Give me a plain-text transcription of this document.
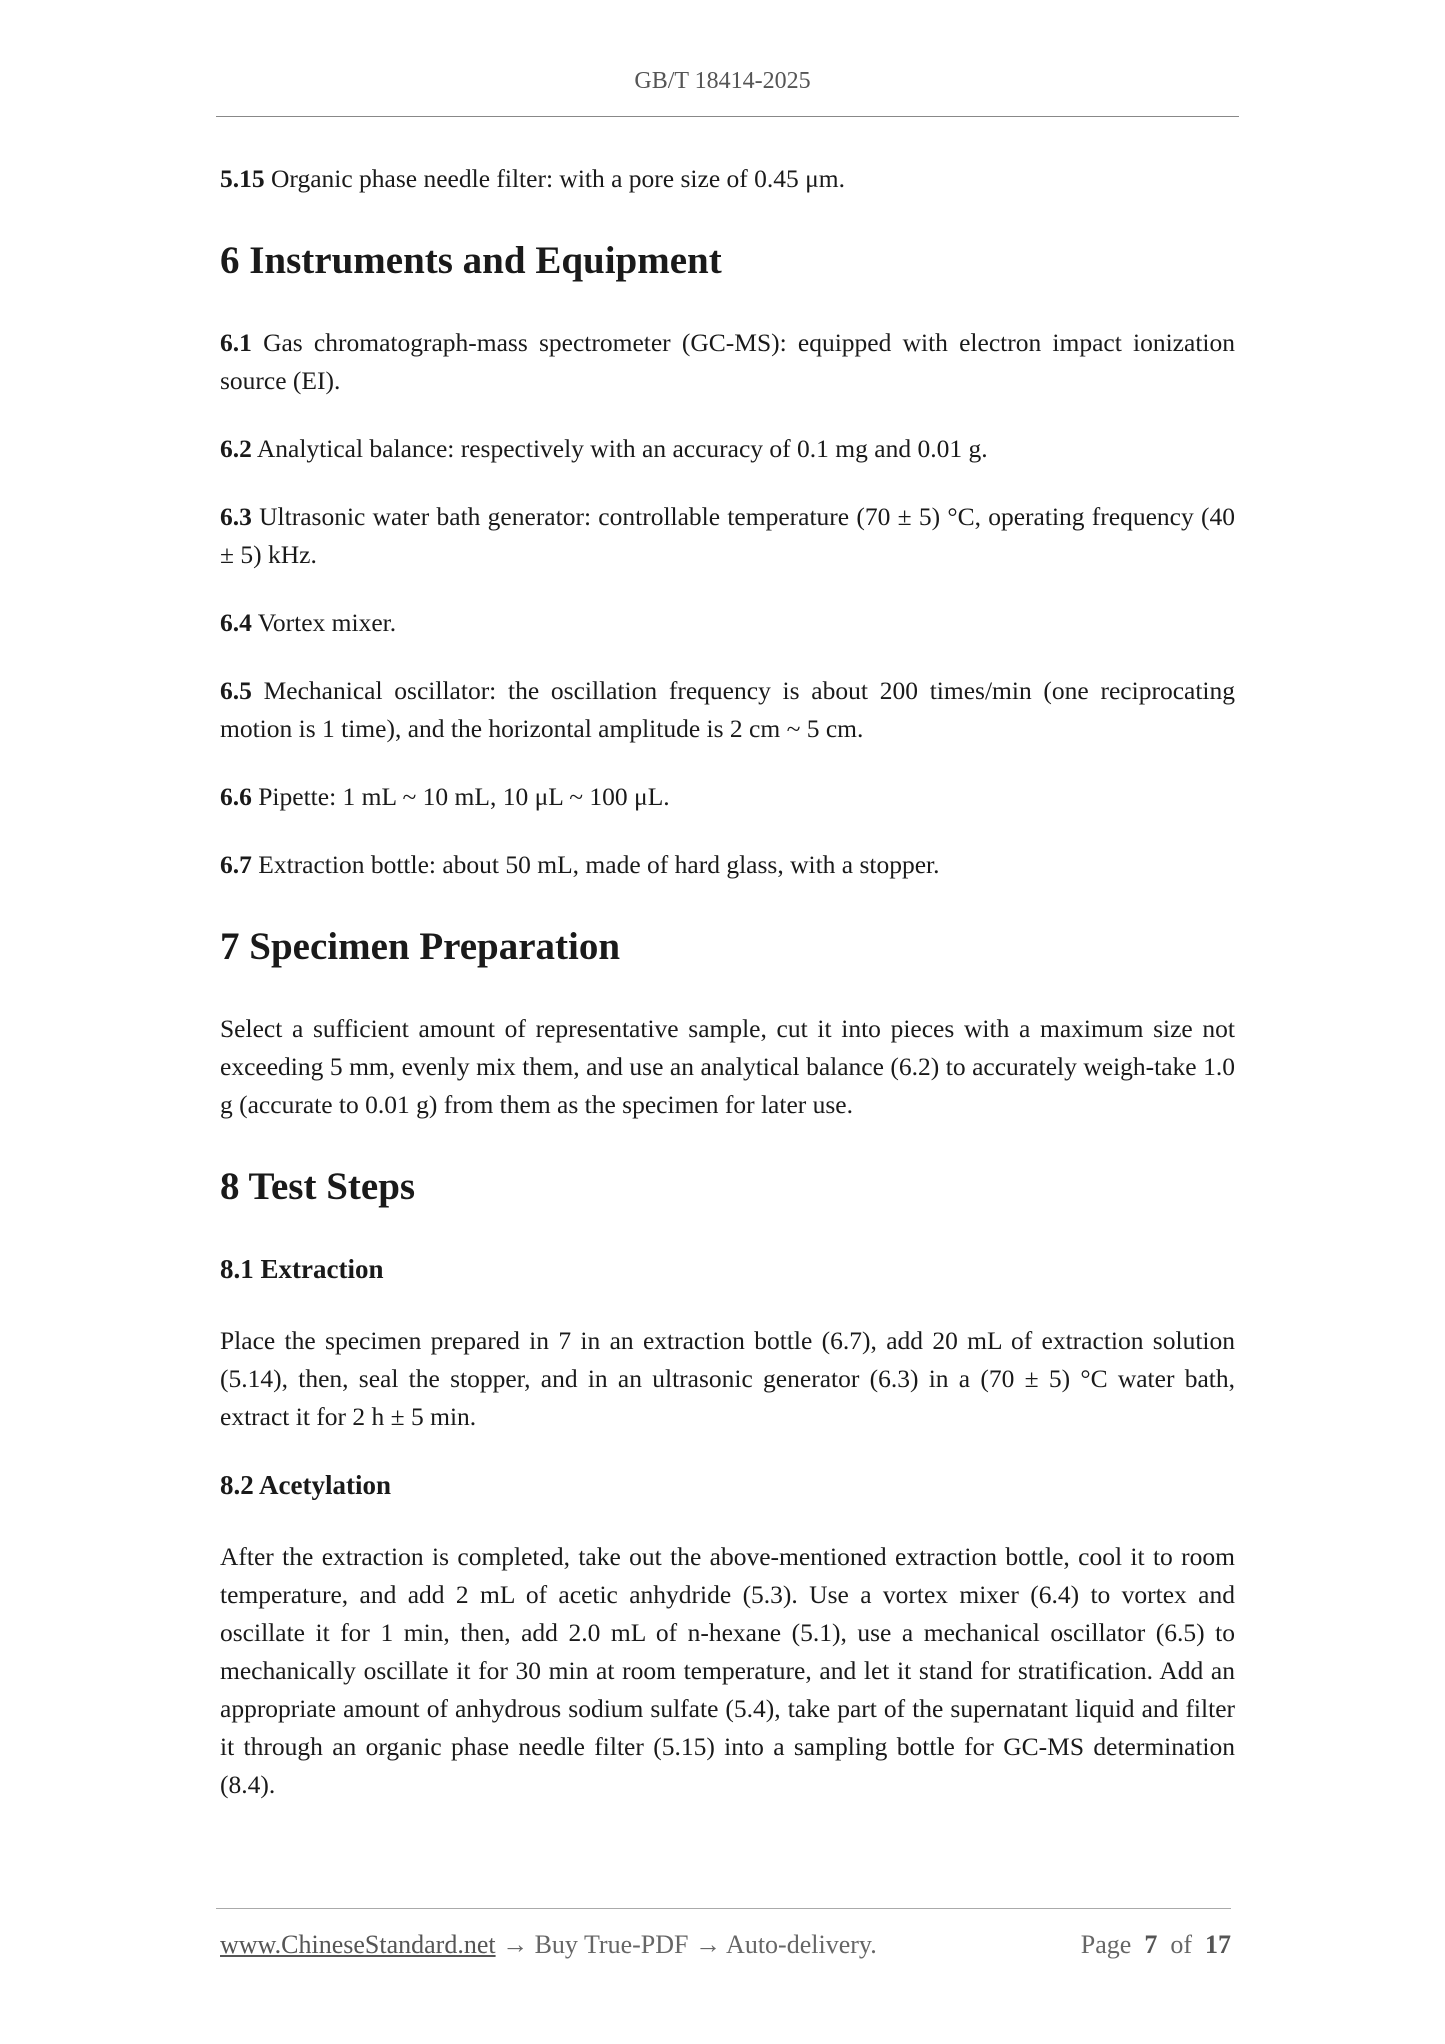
GB/T 18414-2025

5.15 Organic phase needle filter: with a pore size of 0.45 μm.

6 Instruments and Equipment

6.1 Gas chromatograph-mass spectrometer (GC-MS): equipped with electron impact ionization source (EI).

6.2 Analytical balance: respectively with an accuracy of 0.1 mg and 0.01 g.

6.3 Ultrasonic water bath generator: controllable temperature (70 ± 5) °C, operating frequency (40 ± 5) kHz.

6.4 Vortex mixer.

6.5 Mechanical oscillator: the oscillation frequency is about 200 times/min (one reciprocating motion is 1 time), and the horizontal amplitude is 2 cm ~ 5 cm.

6.6 Pipette: 1 mL ~ 10 mL, 10 μL ~ 100 μL.

6.7 Extraction bottle: about 50 mL, made of hard glass, with a stopper.

7 Specimen Preparation

Select a sufficient amount of representative sample, cut it into pieces with a maximum size not exceeding 5 mm, evenly mix them, and use an analytical balance (6.2) to accurately weigh-take 1.0 g (accurate to 0.01 g) from them as the specimen for later use.

8 Test Steps
8.1 Extraction

Place the specimen prepared in 7 in an extraction bottle (6.7), add 20 mL of extraction solution (5.14), then, seal the stopper, and in an ultrasonic generator (6.3) in a (70 ± 5) °C water bath, extract it for 2 h ± 5 min.

8.2 Acetylation

After the extraction is completed, take out the above-mentioned extraction bottle, cool it to room temperature, and add 2 mL of acetic anhydride (5.3). Use a vortex mixer (6.4) to vortex and oscillate it for 1 min, then, add 2.0 mL of n-hexane (5.1), use a mechanical oscillator (6.5) to mechanically oscillate it for 30 min at room temperature, and let it stand for stratification. Add an appropriate amount of anhydrous sodium sulfate (5.4), take part of the supernatant liquid and filter it through an organic phase needle filter (5.15) into a sampling bottle for GC-MS determination (8.4).

www.ChineseStandard.net → Buy True-PDF → Auto-delivery.	Page 7 of 17
